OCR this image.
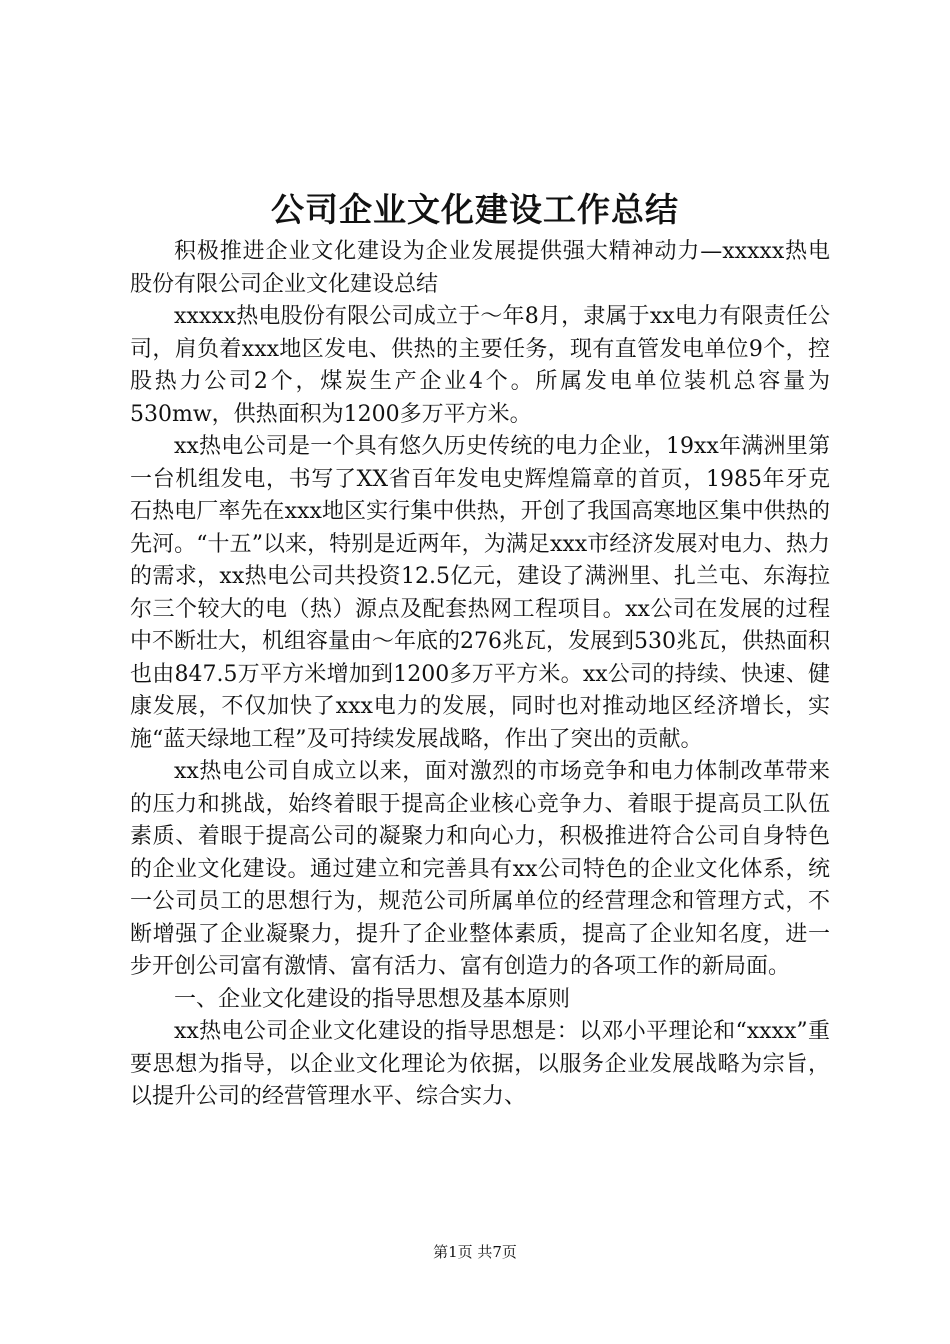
公司企业文化建设工作总结

积极推进企业文化建设为企业发展提供强大精神动力—xxxxx热电股份有限公司企业文化建设总结

xxxxx热电股份有限公司成立于～年8月，隶属于xx电力有限责任公司，肩负着xxx地区发电、供热的主要任务，现有直管发电单位9个，控股热力公司2个，煤炭生产企业4个。所属发电单位装机总容量为530mw，供热面积为1200多万平方米。

xx热电公司是一个具有悠久历史传统的电力企业，19xx年满洲里第一台机组发电，书写了XX省百年发电史辉煌篇章的首页，1985年牙克石热电厂率先在xxx地区实行集中供热，开创了我国高寒地区集中供热的先河。“十五”以来，特别是近两年，为满足xxx市经济发展对电力、热力的需求，xx热电公司共投资12.5亿元，建设了满洲里、扎兰屯、东海拉尔三个较大的电（热）源点及配套热网工程项目。xx公司在发展的过程中不断壮大，机组容量由～年底的276兆瓦，发展到530兆瓦，供热面积也由847.5万平方米增加到1200多万平方米。xx公司的持续、快速、健康发展，不仅加快了xxx电力的发展，同时也对推动地区经济增长，实施“蓝天绿地工程”及可持续发展战略，作出了突出的贡献。

xx热电公司自成立以来，面对激烈的市场竞争和电力体制改革带来的压力和挑战，始终着眼于提高企业核心竞争力、着眼于提高员工队伍素质、着眼于提高公司的凝聚力和向心力，积极推进符合公司自身特色的企业文化建设。通过建立和完善具有xx公司特色的企业文化体系，统一公司员工的思想行为，规范公司所属单位的经营理念和管理方式，不断增强了企业凝聚力，提升了企业整体素质，提高了企业知名度，进一步开创公司富有激情、富有活力、富有创造力的各项工作的新局面。

一、企业文化建设的指导思想及基本原则

xx热电公司企业文化建设的指导思想是：以邓小平理论和“xxxx”重要思想为指导，以企业文化理论为依据，以服务企业发展战略为宗旨，以提升公司的经营管理水平、综合实力、

第1页 共7页
